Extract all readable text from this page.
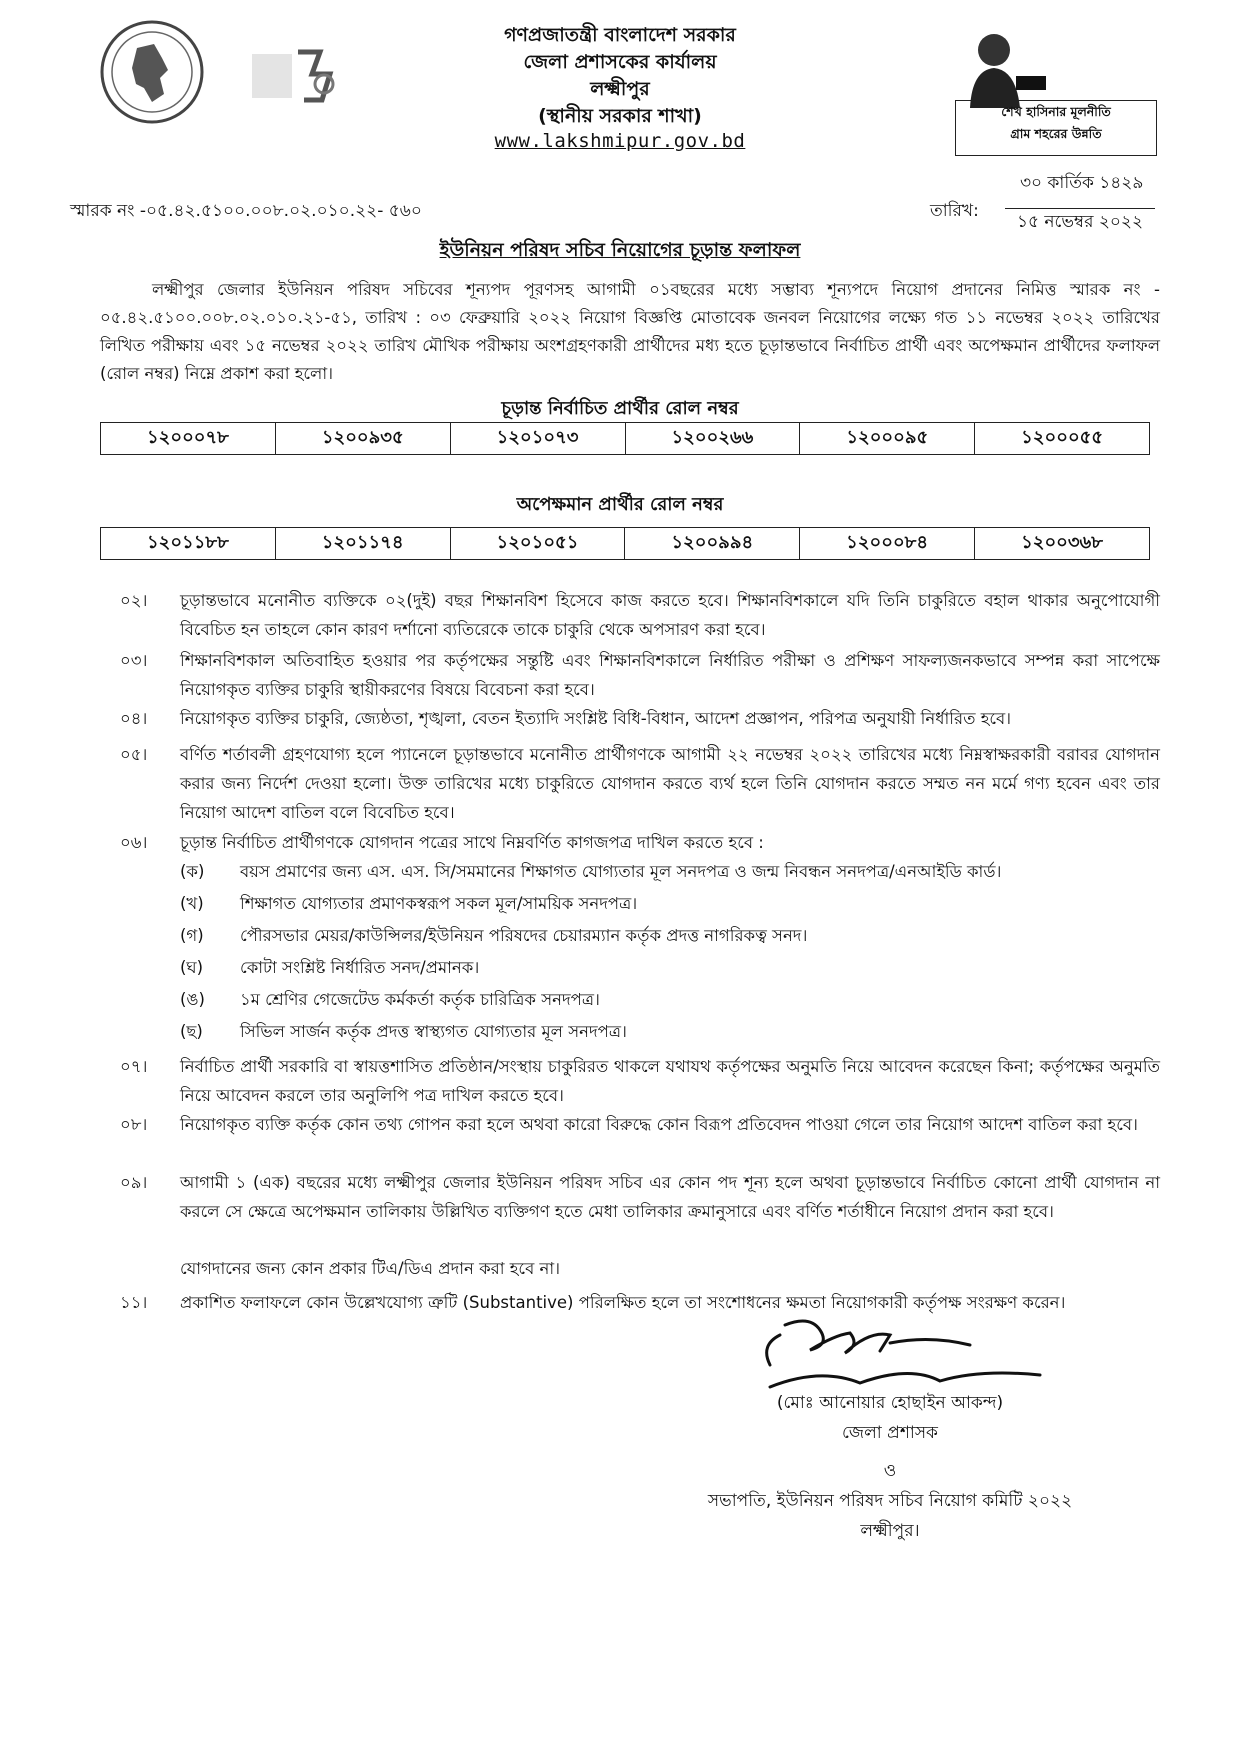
গণপ্রজাতন্ত্রী বাংলাদেশ সরকার
জেলা প্রশাসকের কার্যালয়
লক্ষ্মীপুর
(স্থানীয় সরকার শাখা)
www.lakshmipur.gov.bd
শেখ হাসিনার মূলনীতি
গ্রাম শহরের উন্নতি
৩০ কার্তিক ১৪২৯
স্মারক নং -০৫.৪২.৫১০০.০০৮.০২.০১০.২২- ৫৬০	তারিখ:
১৫ নভেম্বর ২০২২
ইউনিয়ন পরিষদ সচিব নিয়োগের চূড়ান্ত ফলাফল
লক্ষ্মীপুর জেলার ইউনিয়ন পরিষদ সচিবের শূন্যপদ পূরণসহ আগামী ০১বছরের মধ্যে সম্ভাব্য শূন্যপদে নিয়োগ প্রদানের নিমিত্ত স্মারক নং - ০৫.৪২.৫১০০.০০৮.০২.০১০.২১-৫১, তারিখ : ০৩ ফেব্রুয়ারি ২০২২ নিয়োগ বিজ্ঞপ্তি মোতাবেক জনবল নিয়োগের লক্ষ্যে গত ১১ নভেম্বর ২০২২ তারিখের লিখিত পরীক্ষায় এবং ১৫ নভেম্বর ২০২২ তারিখ মৌখিক পরীক্ষায় অংশগ্রহণকারী প্রার্থীদের মধ্য হতে চূড়ান্তভাবে নির্বাচিত প্রার্থী এবং অপেক্ষমান প্রার্থীদের ফলাফল (রোল নম্বর) নিম্নে প্রকাশ করা হলো।
চূড়ান্ত নির্বাচিত প্রার্থীর রোল নম্বর
১২০০০৭৮	১২০০৯৩৫	১২০১০৭৩	১২০০২৬৬	১২০০০৯৫	১২০০০৫৫
অপেক্ষমান প্রার্থীর রোল নম্বর
১২০১১৮৮	১২০১১৭৪	১২০১০৫১	১২০০৯৯৪	১২০০০৮৪	১২০০৩৬৮
০২।	চূড়ান্তভাবে মনোনীত ব্যক্তিকে ০২(দুই) বছর শিক্ষানবিশ হিসেবে কাজ করতে হবে। শিক্ষানবিশকালে যদি তিনি চাকুরিতে বহাল থাকার অনুপোযোগী বিবেচিত হন তাহলে কোন কারণ দর্শানো ব্যতিরেকে তাকে চাকুরি থেকে অপসারণ করা হবে।
০৩।	শিক্ষানবিশকাল অতিবাহিত হওয়ার পর কর্তৃপক্ষের সন্তুষ্টি এবং শিক্ষানবিশকালে নির্ধারিত পরীক্ষা ও প্রশিক্ষণ সাফল্যজনকভাবে সম্পন্ন করা সাপেক্ষে নিয়োগকৃত ব্যক্তির চাকুরি স্থায়ীকরণের বিষয়ে বিবেচনা করা হবে।
০৪।	নিয়োগকৃত ব্যক্তির চাকুরি, জ্যেষ্ঠতা, শৃঙ্খলা, বেতন ইত্যাদি সংশ্লিষ্ট বিধি-বিধান, আদেশ প্রজ্ঞাপন, পরিপত্র অনুযায়ী নির্ধারিত হবে।
০৫।	বর্ণিত শর্তাবলী গ্রহণযোগ্য হলে প্যানেলে চূড়ান্তভাবে মনোনীত প্রার্থীগণকে আগামী ২২ নভেম্বর ২০২২ তারিখের মধ্যে নিম্নস্বাক্ষরকারী বরাবর যোগদান করার জন্য নির্দেশ দেওয়া হলো। উক্ত তারিখের মধ্যে চাকুরিতে যোগদান করতে ব্যর্থ হলে তিনি যোগদান করতে সম্মত নন মর্মে গণ্য হবেন এবং তার নিয়োগ আদেশ বাতিল বলে বিবেচিত হবে।
০৬।	চূড়ান্ত নির্বাচিত প্রার্থীগণকে যোগদান পত্রের সাথে নিম্নবর্ণিত কাগজপত্র দাখিল করতে হবে :
(ক)	বয়স প্রমাণের জন্য এস. এস. সি/সমমানের শিক্ষাগত যোগ্যতার মূল সনদপত্র ও জন্ম নিবন্ধন সনদপত্র/এনআইডি কার্ড।
(খ)	শিক্ষাগত যোগ্যতার প্রমাণকস্বরূপ সকল মূল/সাময়িক সনদপত্র।
(গ)	পৌরসভার মেয়র/কাউন্সিলর/ইউনিয়ন পরিষদের চেয়ারম্যান কর্তৃক প্রদত্ত নাগরিকত্ব সনদ।
(ঘ)	কোটা সংশ্লিষ্ট নির্ধারিত সনদ/প্রমানক।
(ঙ)	১ম শ্রেণির গেজেটেড কর্মকর্তা কর্তৃক চারিত্রিক সনদপত্র।
(ছ)	সিভিল সার্জন কর্তৃক প্রদত্ত স্বাস্থ্যগত যোগ্যতার মূল সনদপত্র।
০৭।	নির্বাচিত প্রার্থী সরকারি বা স্বায়ত্তশাসিত প্রতিষ্ঠান/সংস্থায় চাকুরিরত থাকলে যথাযথ কর্তৃপক্ষের অনুমতি নিয়ে আবেদন করেছেন কিনা; কর্তৃপক্ষের অনুমতি নিয়ে আবেদন করলে তার অনুলিপি পত্র দাখিল করতে হবে।
০৮।	নিয়োগকৃত ব্যক্তি কর্তৃক কোন তথ্য গোপন করা হলে অথবা কারো বিরুদ্ধে কোন বিরূপ প্রতিবেদন পাওয়া গেলে তার নিয়োগ আদেশ বাতিল করা হবে।
০৯।	আগামী ১ (এক) বছরের মধ্যে লক্ষ্মীপুর জেলার ইউনিয়ন পরিষদ সচিব এর কোন পদ শূন্য হলে অথবা চূড়ান্তভাবে নির্বাচিত কোনো প্রার্থী যোগদান না করলে সে ক্ষেত্রে অপেক্ষমান তালিকায় উল্লিখিত ব্যক্তিগণ হতে মেধা তালিকার ক্রমানুসারে এবং বর্ণিত শর্তাধীনে নিয়োগ প্রদান করা হবে।
যোগদানের জন্য কোন প্রকার টিএ/ডিএ প্রদান করা হবে না।
১১।	প্রকাশিত ফলাফলে কোন উল্লেখযোগ্য ত্রুটি (Substantive) পরিলক্ষিত হলে তা সংশোধনের ক্ষমতা নিয়োগকারী কর্তৃপক্ষ সংরক্ষণ করেন।
(মোঃ আনোয়ার হোছাইন আকন্দ)
জেলা প্রশাসক
ও
সভাপতি, ইউনিয়ন পরিষদ সচিব নিয়োগ কমিটি ২০২২
লক্ষ্মীপুর।
